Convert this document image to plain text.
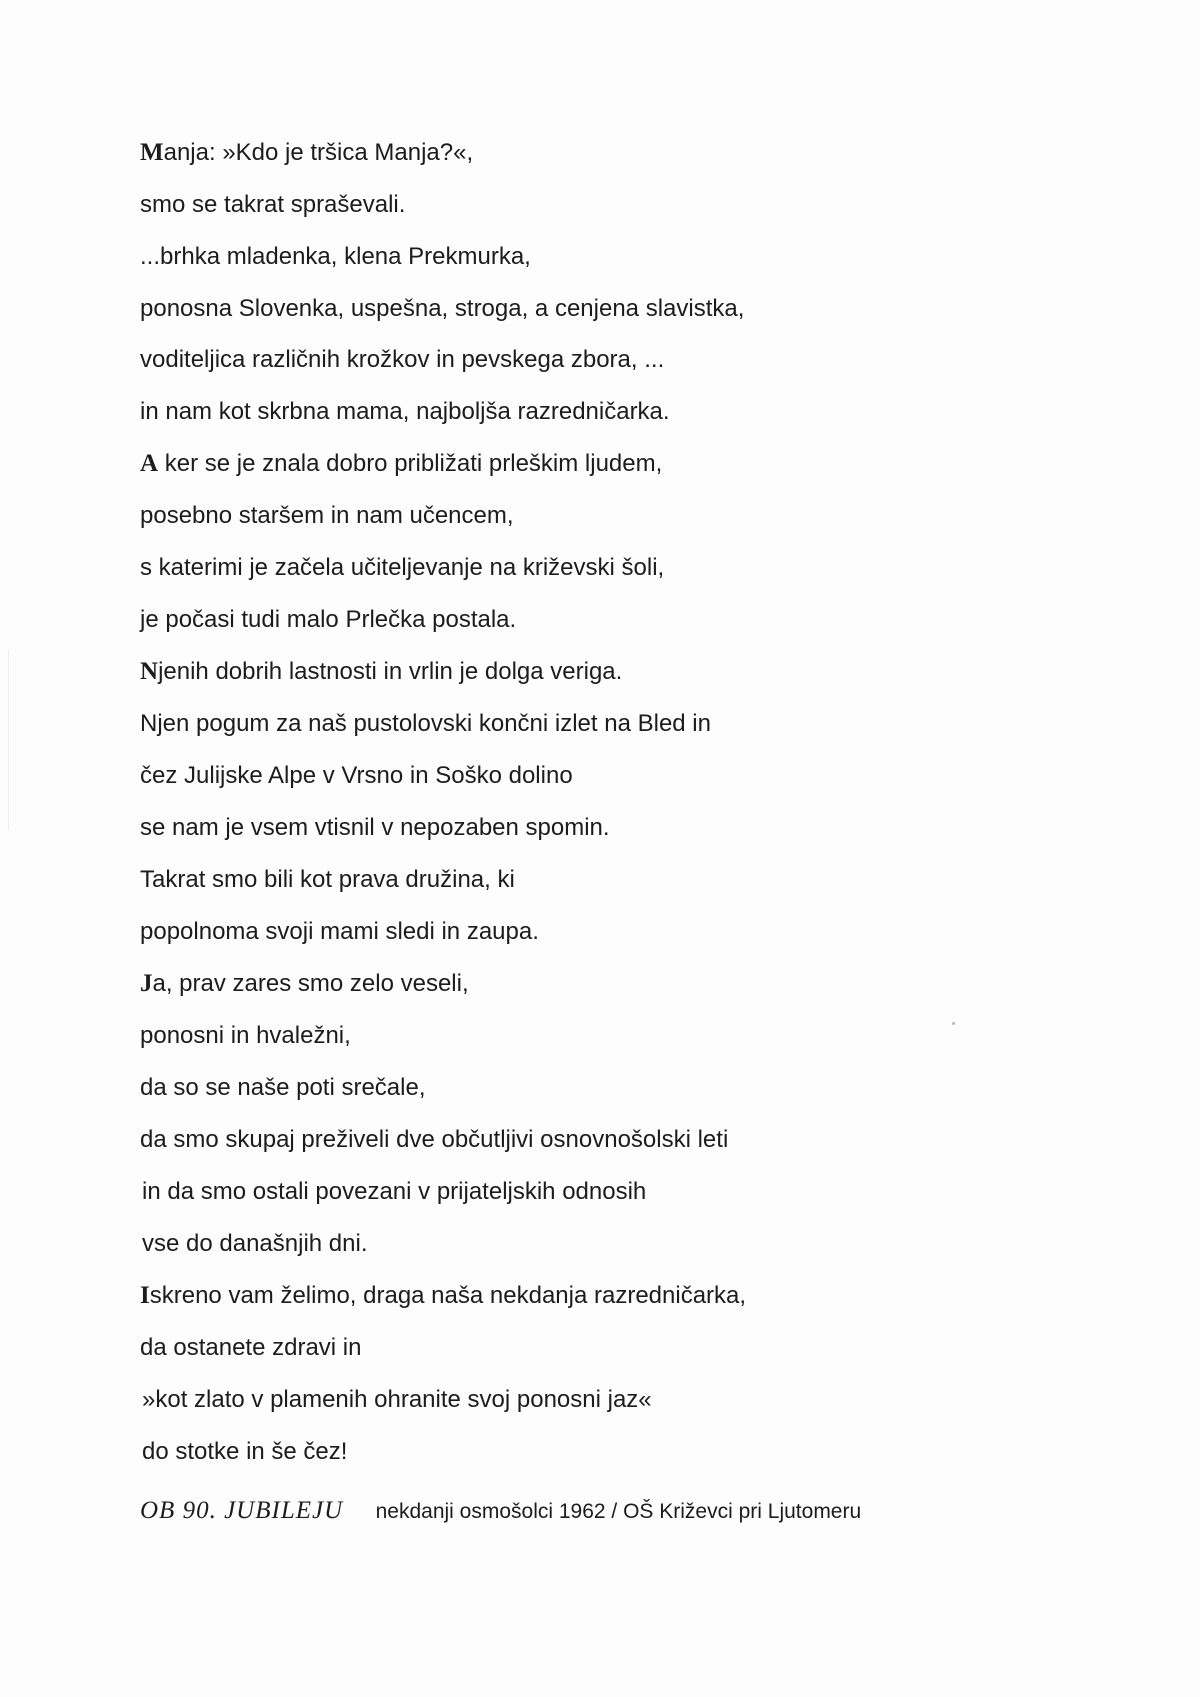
Manja: »Kdo je tršica Manja?«,
smo se takrat spraševali.
...brhka mladenka, klena Prekmurka,
ponosna Slovenka, uspešna, stroga, a cenjena slavistka,
voditeljica različnih krožkov in pevskega zbora, ...
in nam kot skrbna mama, najboljša razredničarka.
A ker se je znala dobro približati prleškim ljudem,
posebno staršem in nam učencem,
s katerimi je začela učiteljevanje na križevski šoli,
je počasi tudi malo Prlečka postala.
Njenih dobrih lastnosti in vrlin je dolga veriga.
Njen pogum za naš pustolovski končni izlet na Bled in
čez Julijske Alpe v Vrsno in Soško dolino
se nam je vsem vtisnil v nepozaben spomin.
Takrat smo bili kot prava družina, ki
popolnoma svoji mami sledi in zaupa.
Ja, prav zares smo zelo veseli,
ponosni in hvaležni,
da so se naše poti srečale,
da smo skupaj preživeli dve občutljivi osnovnošolski leti
in da smo ostali povezani v prijateljskih odnosih
vse do današnjih dni.
Iskreno vam želimo, draga naša nekdanja razredničarka,
da ostanete zdravi in
»kot zlato v plamenih ohranite svoj ponosni jaz«
do stotke in še čez!
OB 90. JUBILEJU nekdanji osmošolci 1962 / OŠ Križevci pri Ljutomeru
